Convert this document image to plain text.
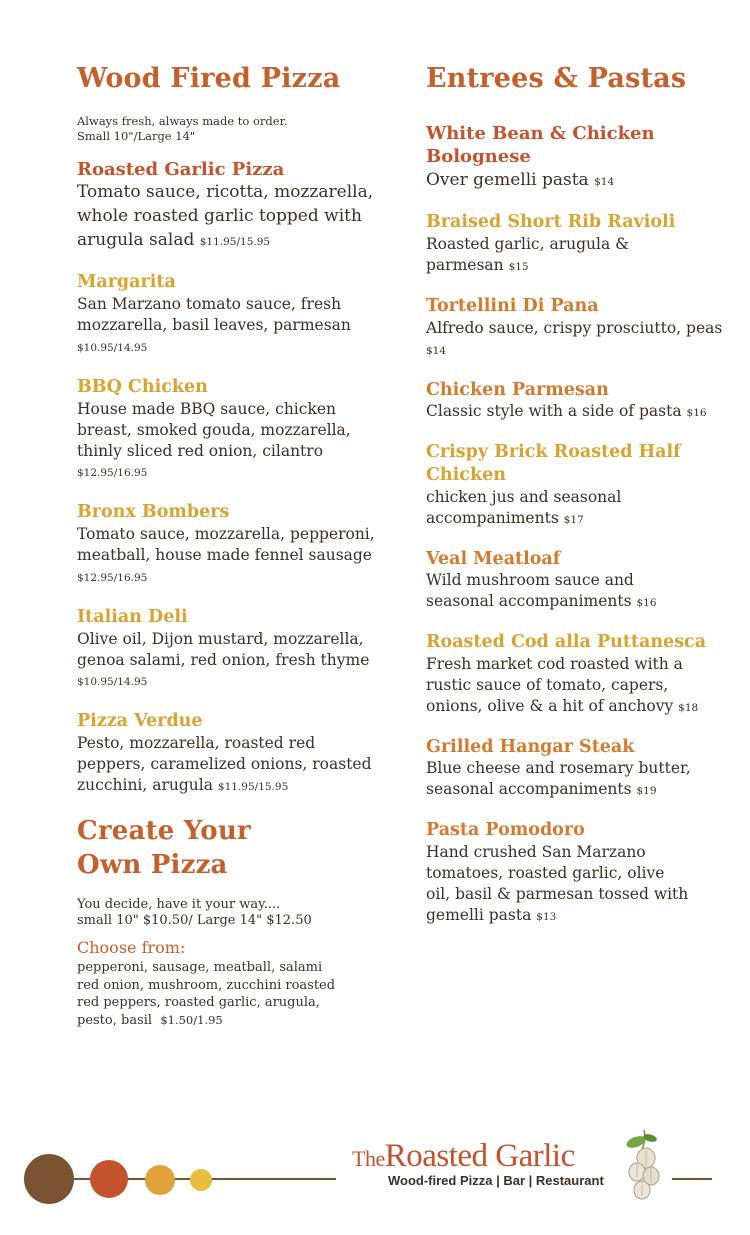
Wood Fired Pizza
Always fresh, always made to order.
Small 10"/Large 14"
Roasted Garlic Pizza
Tomato sauce, ricotta, mozzarella, whole roasted garlic topped with arugula salad $11.95/15.95
Margarita
San Marzano tomato sauce, fresh mozzarella, basil leaves, parmesan $10.95/14.95
BBQ Chicken
House made BBQ sauce, chicken breast, smoked gouda, mozzarella, thinly sliced red onion, cilantro $12.95/16.95
Bronx Bombers
Tomato sauce, mozzarella, pepperoni, meatball, house made fennel sausage $12.95/16.95
Italian Deli
Olive oil, Dijon mustard, mozzarella, genoa salami, red onion, fresh thyme $10.95/14.95
Pizza Verdue
Pesto, mozzarella, roasted red peppers, caramelized onions, roasted zucchini, arugula $11.95/15.95
Create Your Own Pizza
You decide, have it your way....
small 10" $10.50/ Large 14" $12.50
Choose from:
pepperoni, sausage, meatball, salami red onion, mushroom, zucchini roasted red peppers, roasted garlic, arugula, pesto, basil $1.50/1.95
Entrees & Pastas
White Bean & Chicken Bolognese
Over gemelli pasta $14
Braised Short Rib Ravioli
Roasted garlic, arugula & parmesan $15
Tortellini Di Pana
Alfredo sauce, crispy prosciutto, peas $14
Chicken Parmesan
Classic style with a side of pasta $16
Crispy Brick Roasted Half Chicken
chicken jus and seasonal accompaniments $17
Veal Meatloaf
Wild mushroom sauce and seasonal accompaniments $16
Roasted Cod alla Puttanesca
Fresh market cod roasted with a rustic sauce of tomato, capers, onions, olive & a hit of anchovy $18
Grilled Hangar Steak
Blue cheese and rosemary butter, seasonal accompaniments $19
Pasta Pomodoro
Hand crushed San Marzano tomatoes, roasted garlic, olive oil, basil & parmesan tossed with gemelli pasta $13
TheRoasted Garlic
Wood-fired Pizza | Bar | Restaurant
